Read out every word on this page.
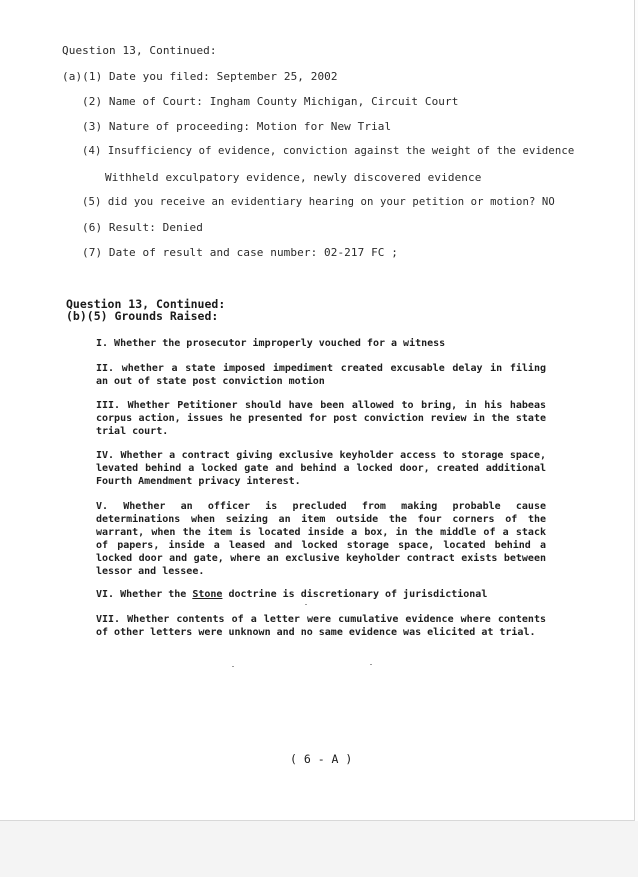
Question 13, Continued:
(a)(1) Date you filed: September 25, 2002
(2) Name of Court: Ingham County Michigan, Circuit Court
(3) Nature of proceeding: Motion for New Trial
(4) Insufficiency of evidence, conviction against the weight of the evidence
Withheld exculpatory evidence, newly discovered evidence
(5) did you receive an evidentiary hearing on your petition or motion? NO
(6) Result: Denied
(7) Date of result and case number: 02-217 FC ;
Question 13, Continued:
(b)(5) Grounds Raised:
I. Whether the prosecutor improperly vouched for a witness
II. whether a state imposed impediment created excusable delay in filing an out of state post conviction motion
III. Whether Petitioner should have been allowed to bring, in his habeas corpus action, issues he presented for post conviction review in the state trial court.
IV. Whether a contract giving exclusive keyholder access to storage space, levated behind a locked gate and behind a locked door, created additional Fourth Amendment privacy interest.
V. Whether an officer is precluded from making probable cause determinations when seizing an item outside the four corners of the warrant, when the item is located inside a box, in the middle of a stack of papers, inside a leased and locked storage space, located behind a locked door and gate, where an exclusive keyholder contract exists between lessor and lessee.
VI. Whether the Stone doctrine is discretionary of jurisdictional
VII. Whether contents of a letter were cumulative evidence where contents of other letters were unknown and no same evidence was elicited at trial.
( 6 - A )
